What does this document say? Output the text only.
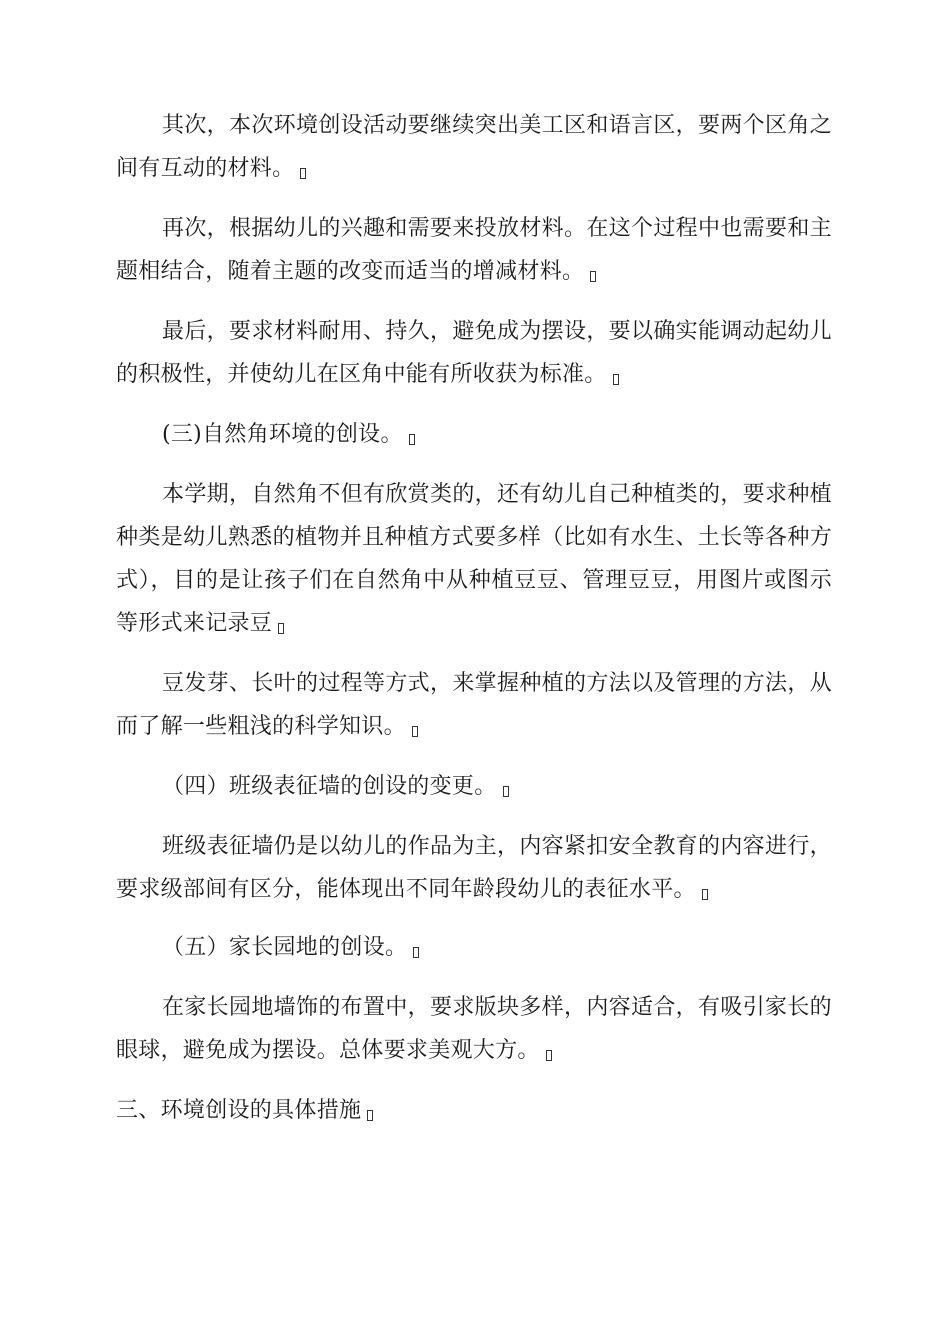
其次，本次环境创设活动要继续突出美工区和语言区，要两个区角之间有互动的材料。

再次，根据幼儿的兴趣和需要来投放材料。在这个过程中也需要和主题相结合，随着主题的改变而适当的增减材料。

最后，要求材料耐用、持久，避免成为摆设，要以确实能调动起幼儿的积极性，并使幼儿在区角中能有所收获为标准。

(三)自然角环境的创设。

本学期，自然角不但有欣赏类的，还有幼儿自己种植类的，要求种植种类是幼儿熟悉的植物并且种植方式要多样（比如有水生、土长等各种方式），目的是让孩子们在自然角中从种植豆豆、管理豆豆，用图片或图示等形式来记录豆

豆发芽、长叶的过程等方式，来掌握种植的方法以及管理的方法，从而了解一些粗浅的科学知识。

（四）班级表征墙的创设的变更。

班级表征墙仍是以幼儿的作品为主，内容紧扣安全教育的内容进行，要求级部间有区分，能体现出不同年龄段幼儿的表征水平。

（五）家长园地的创设。

在家长园地墙饰的布置中，要求版块多样，内容适合，有吸引家长的眼球，避免成为摆设。总体要求美观大方。

三、环境创设的具体措施
